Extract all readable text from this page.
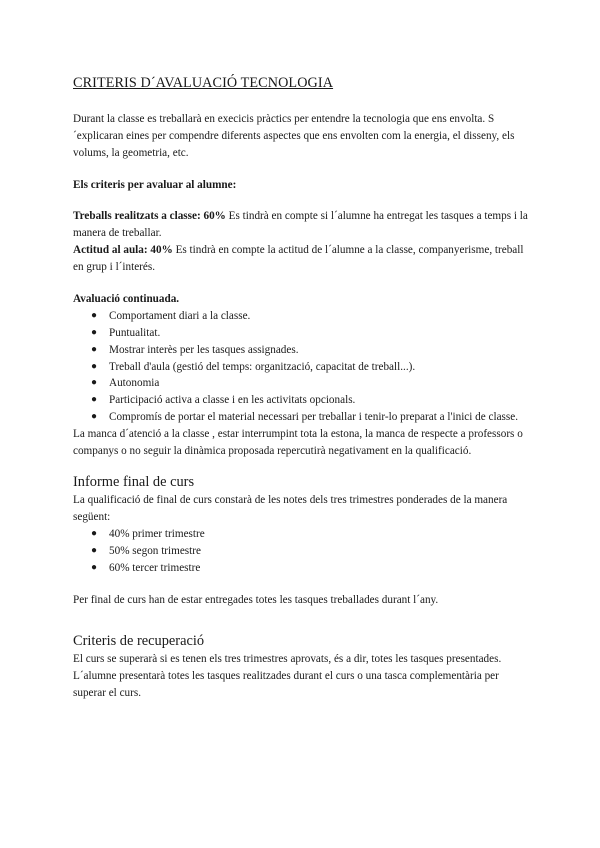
CRITERIS D´AVALUACIÓ TECNOLOGIA

Durant la classe es treballarà en execicis pràctics per entendre la tecnologia que ens envolta. S´explicaran eines per compendre diferents aspectes que ens envolten com la energia, el disseny, els volums, la geometria, etc.

Els criteris per avaluar al alumne:

Treballs realitzats a classe: 60% Es tindrà en compte si l´alumne ha entregat les tasques a temps i la manera de treballar.

Actitud al aula: 40% Es tindrà en compte la actitud de l´alumne a la classe, companyerisme, treball en grup i l´interés.

Avaluació continuada.

● Comportament diari a la classe.
● Puntualitat.
● Mostrar interès per les tasques assignades.
● Treball d'aula (gestió del temps: organització, capacitat de treball...).
● Autonomia
● Participació activa a classe i en les activitats opcionals.
● Compromís de portar el material necessari per treballar i tenir-lo preparat a l'inici de classe.

La manca d´atenció a la classe , estar interrumpint tota la estona, la manca de respecte a professors o companys o no seguir la dinàmica proposada repercutirà negativament en la qualificació.

Informe final de curs

La qualificació de final de curs constarà de les notes dels tres trimestres ponderades de la manera següent:

● 40% primer trimestre
● 50% segon trimestre
● 60% tercer trimestre

Per final de curs han de estar entregades totes les tasques treballades durant l´any.

Criteris de recuperació

El curs se superarà si es tenen els tres trimestres aprovats, és a dir, totes les tasques presentades.

L´alumne presentarà totes les tasques realitzades durant el curs o una tasca complementària per superar el curs.
